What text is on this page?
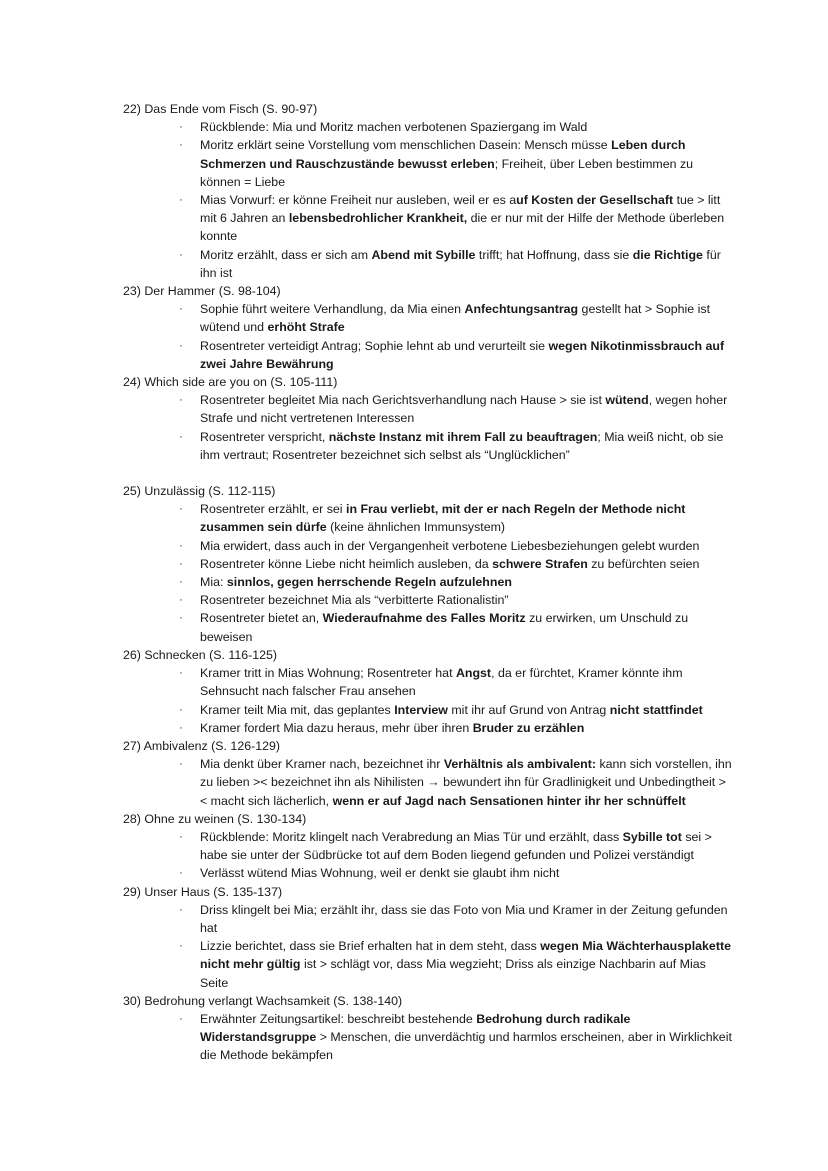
22) Das Ende vom Fisch (S. 90-97)
· Rückblende: Mia und Moritz machen verbotenen Spaziergang im Wald
· Moritz erklärt seine Vorstellung vom menschlichen Dasein: Mensch müsse Leben durch Schmerzen und Rauschzustände bewusst erleben; Freiheit, über Leben bestimmen zu können = Liebe
· Mias Vorwurf: er könne Freiheit nur ausleben, weil er es auf Kosten der Gesellschaft tue > litt mit 6 Jahren an lebensbedrohlicher Krankheit, die er nur mit der Hilfe der Methode überleben konnte
· Moritz erzählt, dass er sich am Abend mit Sybille trifft; hat Hoffnung, dass sie die Richtige für ihn ist
23) Der Hammer (S. 98-104)
· Sophie führt weitere Verhandlung, da Mia einen Anfechtungsantrag gestellt hat > Sophie ist wütend und erhöht Strafe
· Rosentreter verteidigt Antrag; Sophie lehnt ab und verurteilt sie wegen Nikotinmissbrauch auf zwei Jahre Bewährung
24) Which side are you on (S. 105-111)
· Rosentreter begleitet Mia nach Gerichtsverhandlung nach Hause > sie ist wütend, wegen hoher Strafe und nicht vertretenen Interessen
· Rosentreter verspricht, nächste Instanz mit ihrem Fall zu beauftragen; Mia weiß nicht, ob sie ihm vertraut; Rosentreter bezeichnet sich selbst als “Unglücklichen”
25) Unzulässig (S. 112-115)
· Rosentreter erzählt, er sei in Frau verliebt, mit der er nach Regeln der Methode nicht zusammen sein dürfe (keine ähnlichen Immunsystem)
· Mia erwidert, dass auch in der Vergangenheit verbotene Liebesbeziehungen gelebt wurden
· Rosentreter könne Liebe nicht heimlich ausleben, da schwere Strafen zu befürchten seien
· Mia: sinnlos, gegen herrschende Regeln aufzulehnen
· Rosentreter bezeichnet Mia als “verbitterte Rationalistin”
· Rosentreter bietet an, Wiederaufnahme des Falles Moritz zu erwirken, um Unschuld zu beweisen
26) Schnecken (S. 116-125)
· Kramer tritt in Mias Wohnung; Rosentreter hat Angst, da er fürchtet, Kramer könnte ihm Sehnsucht nach falscher Frau ansehen
· Kramer teilt Mia mit, das geplantes Interview mit ihr auf Grund von Antrag nicht stattfindet
· Kramer fordert Mia dazu heraus, mehr über ihren Bruder zu erzählen
27) Ambivalenz (S. 126-129)
· Mia denkt über Kramer nach, bezeichnet ihr Verhältnis als ambivalent: kann sich vorstellen, ihn zu lieben >< bezeichnet ihn als Nihilisten → bewundert ihn für Gradlinigkeit und Unbedingtheit >< macht sich lächerlich, wenn er auf Jagd nach Sensationen hinter ihr her schnüffelt
28) Ohne zu weinen (S. 130-134)
· Rückblende: Moritz klingelt nach Verabredung an Mias Tür und erzählt, dass Sybille tot sei > habe sie unter der Südbrücke tot auf dem Boden liegend gefunden und Polizei verständigt
· Verlässt wütend Mias Wohnung, weil er denkt sie glaubt ihm nicht
29) Unser Haus (S. 135-137)
· Driss klingelt bei Mia; erzählt ihr, dass sie das Foto von Mia und Kramer in der Zeitung gefunden hat
· Lizzie berichtet, dass sie Brief erhalten hat in dem steht, dass wegen Mia Wächterhausplakette nicht mehr gültig ist > schlägt vor, dass Mia wegzieht; Driss als einzige Nachbarin auf Mias Seite
30) Bedrohung verlangt Wachsamkeit (S. 138-140)
· Erwähnter Zeitungsartikel: beschreibt bestehende Bedrohung durch radikale Widerstandsgruppe > Menschen, die unverdächtig und harmlos erscheinen, aber in Wirklichkeit die Methode bekämpfen
